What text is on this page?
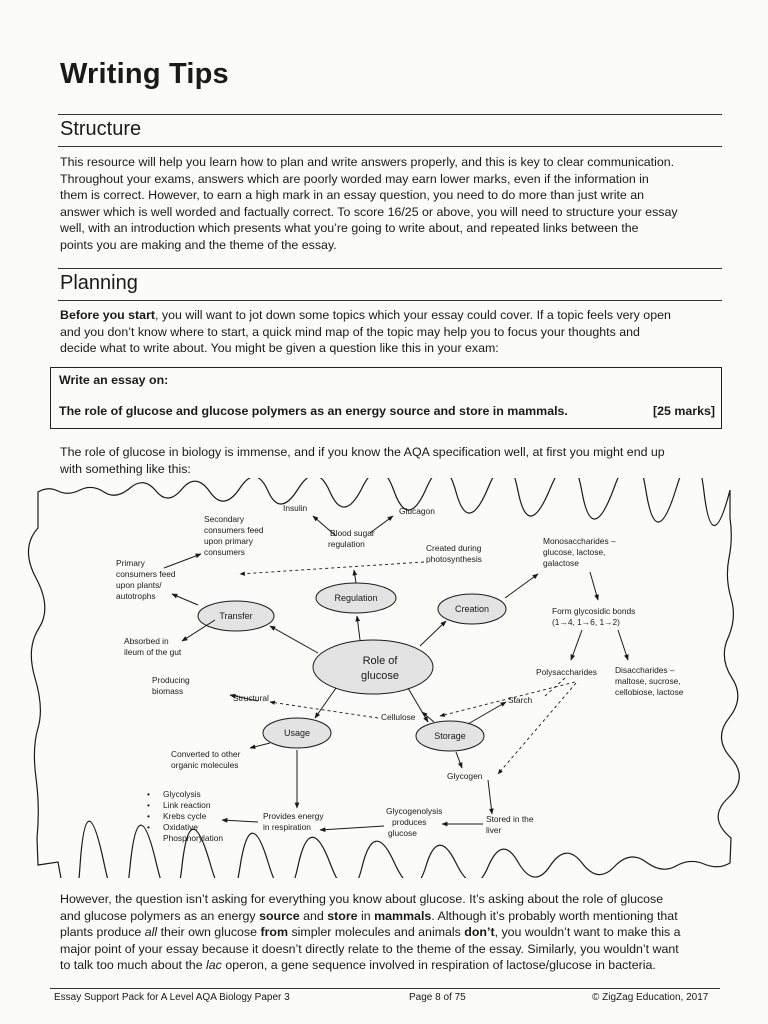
Writing Tips
Structure
This resource will help you learn how to plan and write answers properly, and this is key to clear communication.
Throughout your exams, answers which are poorly worded may earn lower marks, even if the information in
them is correct. However, to earn a high mark in an essay question, you need to do more than just write an
answer which is well worded and factually correct. To score 16/25 or above, you will need to structure your essay
well, with an introduction which presents what you’re going to write about, and repeated links between the
points you are making and the theme of the essay.
Planning
Before you start, you will want to jot down some topics which your essay could cover. If a topic feels very open
and you don’t know where to start, a quick mind map of the topic may help you to focus your thoughts and
decide what to write about. You might be given a question like this in your exam:
Write an essay on:
The role of glucose and glucose polymers as an energy source and store in mammals.	[25 marks]
The role of glucose in biology is immense, and if you know the AQA specification well, at first you might end up
with something like this:
Role of
glucose
Transfer
Regulation
Creation
Usage	Storage
Insulin	Glucagon
Blood sugar
regulation
Secondary
consumers feed
upon primary
consumers
Primary
consumers feed
upon plants/
autotrophs
Created during
photosynthesis
Monosaccharides –
glucose, lactose,
galactose
Form glycosidic bonds
(1→4, 1→6, 1→2)
Absorbed in
ileum of the gut
Polysaccharides Disaccharides –
maltose, sucrose,
cellobiose, lactose
Producing
biomass
Structural
Cellulose
Starch
Converted to other
organic molecules
Glycogen
• Glycolysis
• Link reaction
• Krebs cycle
• Oxidative
Phosphorylation
Provides energy
in respiration
Glycogenolysis
produces
glucose
Stored in the
liver
However, the question isn’t asking for everything you know about glucose. It’s asking about the role of glucose
and glucose polymers as an energy source and store in mammals. Although it’s probably worth mentioning that
plants produce all their own glucose from simpler molecules and animals don’t, you wouldn’t want to make this a
major point of your essay because it doesn’t directly relate to the theme of the essay. Similarly, you wouldn’t want
to talk too much about the lac operon, a gene sequence involved in respiration of lactose/glucose in bacteria.
Essay Support Pack for A Level AQA Biology Paper 3	Page 8 of 75	© ZigZag Education, 2017
